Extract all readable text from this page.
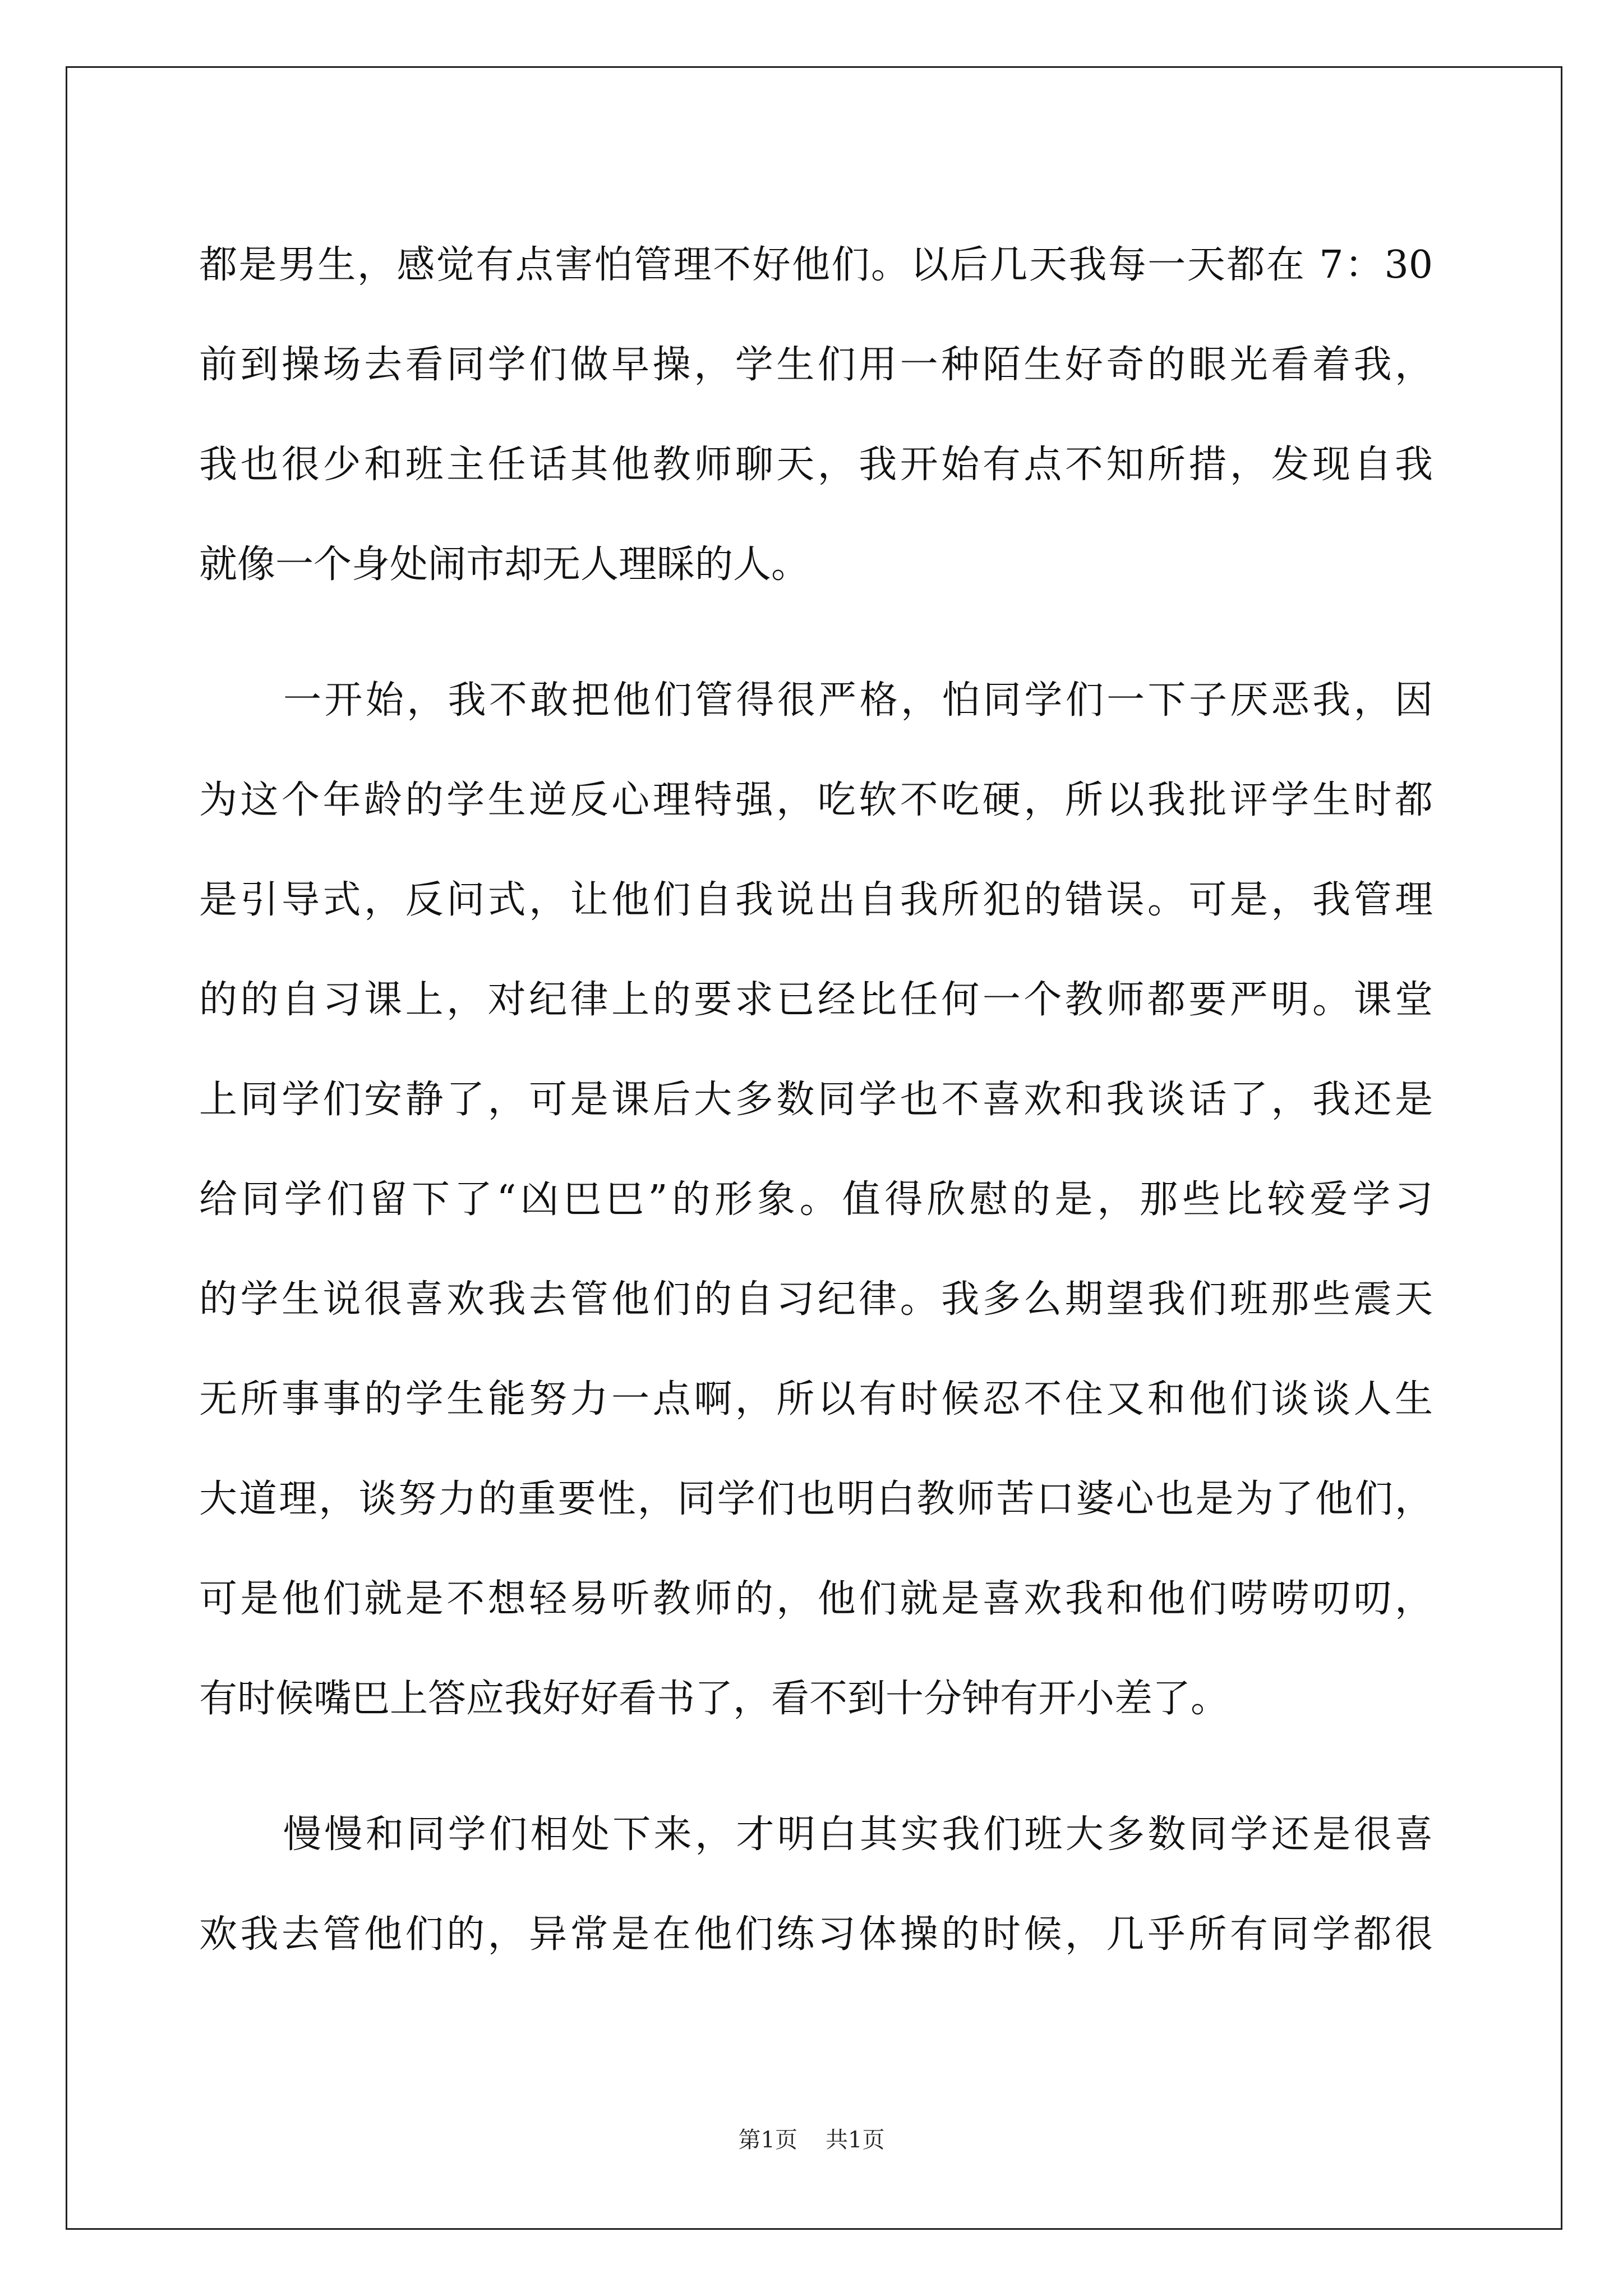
都是男生，感觉有点害怕管理不好他们。以后几天我每一天都在 7：30
前到操场去看同学们做早操，学生们用一种陌生好奇的眼光看着我，
我也很少和班主任话其他教师聊天，我开始有点不知所措，发现自我
就像一个身处闹市却无人理睬的人。
一开始，我不敢把他们管得很严格，怕同学们一下子厌恶我，因
为这个年龄的学生逆反心理特强，吃软不吃硬，所以我批评学生时都
是引导式，反问式，让他们自我说出自我所犯的错误。可是，我管理
的的自习课上，对纪律上的要求已经比任何一个教师都要严明。课堂
上同学们安静了，可是课后大多数同学也不喜欢和我谈话了，我还是
给同学们留下了“凶巴巴”的形象。值得欣慰的是，那些比较爱学习
的学生说很喜欢我去管他们的自习纪律。我多么期望我们班那些震天
无所事事的学生能努力一点啊，所以有时候忍不住又和他们谈谈人生
大道理，谈努力的重要性，同学们也明白教师苦口婆心也是为了他们，
可是他们就是不想轻易听教师的，他们就是喜欢我和他们唠唠叨叨，
有时候嘴巴上答应我好好看书了，看不到十分钟有开小差了。
慢慢和同学们相处下来，才明白其实我们班大多数同学还是很喜
欢我去管他们的，异常是在他们练习体操的时候，几乎所有同学都很
第1页 共1页
